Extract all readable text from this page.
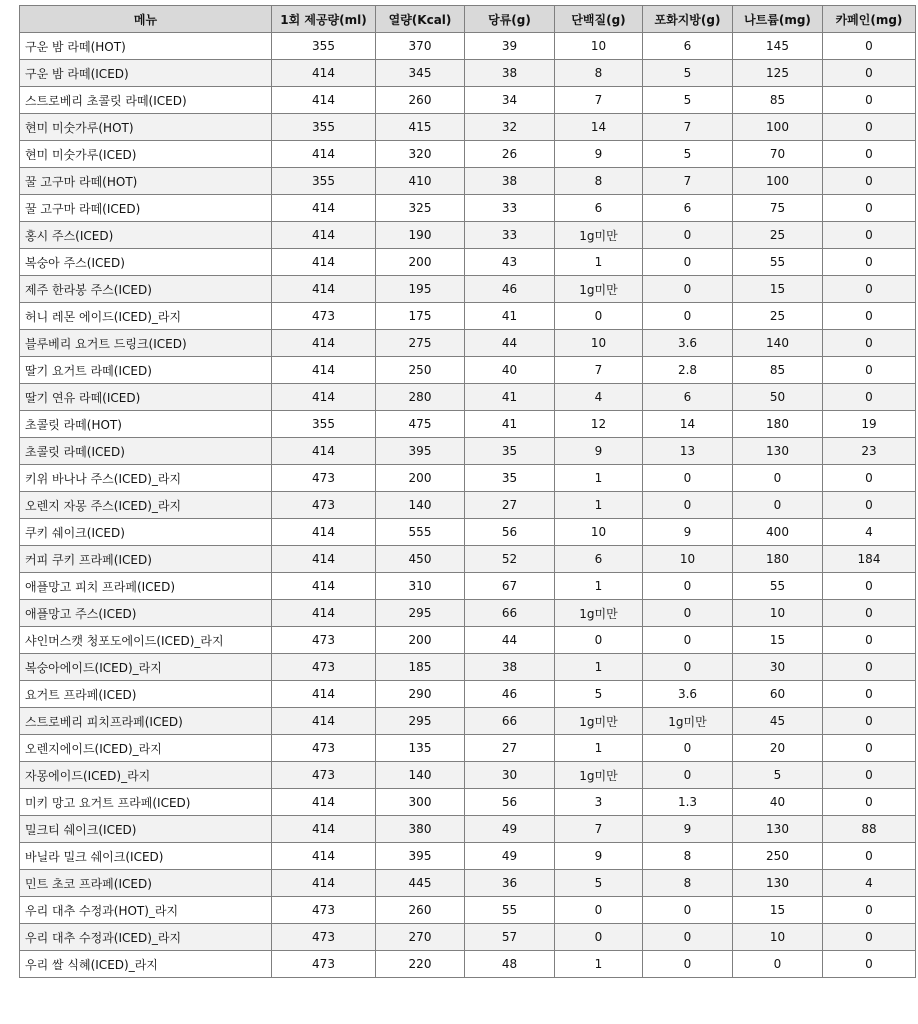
메뉴	1회 제공량(ml)	열량(Kcal)	당류(g)	단백질(g)	포화지방(g)	나트륨(mg)	카페인(mg)
구운 밤 라떼(HOT)	355	370	39	10	6	145	0
구운 밤 라떼(ICED)	414	345	38	8	5	125	0
스트로베리 초콜릿 라떼(ICED)	414	260	34	7	5	85	0
현미 미숫가루(HOT)	355	415	32	14	7	100	0
현미 미숫가루(ICED)	414	320	26	9	5	70	0
꿀 고구마 라떼(HOT)	355	410	38	8	7	100	0
꿀 고구마 라떼(ICED)	414	325	33	6	6	75	0
홍시 주스(ICED)	414	190	33	1g미만	0	25	0
복숭아 주스(ICED)	414	200	43	1	0	55	0
제주 한라봉 주스(ICED)	414	195	46	1g미만	0	15	0
허니 레몬 에이드(ICED)_라지	473	175	41	0	0	25	0
블루베리 요거트 드링크(ICED)	414	275	44	10	3.6	140	0
딸기 요거트 라떼(ICED)	414	250	40	7	2.8	85	0
딸기 연유 라떼(ICED)	414	280	41	4	6	50	0
초콜릿 라떼(HOT)	355	475	41	12	14	180	19
초콜릿 라떼(ICED)	414	395	35	9	13	130	23
키위 바나나 주스(ICED)_라지	473	200	35	1	0	0	0
오렌지 자몽 주스(ICED)_라지	473	140	27	1	0	0	0
쿠키 쉐이크(ICED)	414	555	56	10	9	400	4
커피 쿠키 프라페(ICED)	414	450	52	6	10	180	184
애플망고 피치 프라페(ICED)	414	310	67	1	0	55	0
애플망고 주스(ICED)	414	295	66	1g미만	0	10	0
샤인머스캣 청포도에이드(ICED)_라지	473	200	44	0	0	15	0
복숭아에이드(ICED)_라지	473	185	38	1	0	30	0
요거트 프라페(ICED)	414	290	46	5	3.6	60	0
스트로베리 피치프라페(ICED)	414	295	66	1g미만	1g미만	45	0
오렌지에이드(ICED)_라지	473	135	27	1	0	20	0
자몽에이드(ICED)_라지	473	140	30	1g미만	0	5	0
미키 망고 요거트 프라페(ICED)	414	300	56	3	1.3	40	0
밀크티 쉐이크(ICED)	414	380	49	7	9	130	88
바닐라 밀크 쉐이크(ICED)	414	395	49	9	8	250	0
민트 초코 프라페(ICED)	414	445	36	5	8	130	4
우리 대추 수정과(HOT)_라지	473	260	55	0	0	15	0
우리 대추 수정과(ICED)_라지	473	270	57	0	0	10	0
우리 쌀 식혜(ICED)_라지	473	220	48	1	0	0	0
